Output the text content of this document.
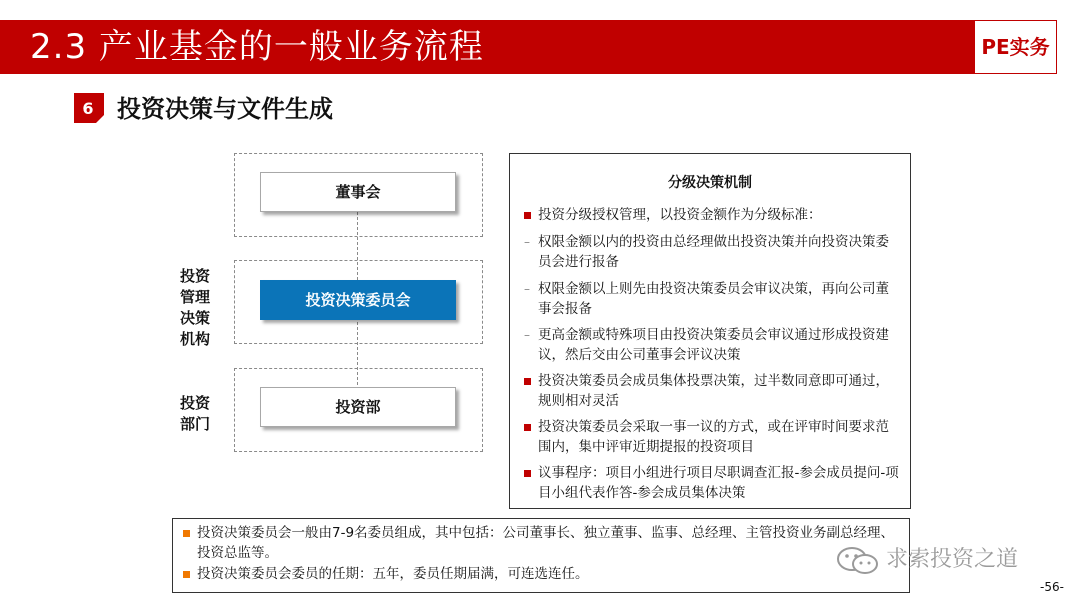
2.3 产业基金的一般业务流程	PE实务
6 投资决策与文件生成
董事会
投资决策委员会
投资部
投资
管理
决策
机构
投资
部门
分级决策机制
投资分级授权管理，以投资金额作为分级标准：
– 权限金额以内的投资由总经理做出投资决策并向投资决策委员会进行报备
– 权限金额以上则先由投资决策委员会审议决策，再向公司董事会报备
– 更高金额或特殊项目由投资决策委员会审议通过形成投资建议，然后交由公司董事会评议决策
投资决策委员会成员集体投票决策，过半数同意即可通过，规则相对灵活
投资决策委员会采取一事一议的方式，或在评审时间要求范围内，集中评审近期提报的投资项目
议事程序：项目小组进行项目尽职调查汇报-参会成员提问-项目小组代表作答-参会成员集体决策
投资决策委员会一般由7-9名委员组成，其中包括：公司董事长、独立董事、监事、总经理、主管投资业务副总经理、投资总监等。
投资决策委员会委员的任期：五年，委员任期届满，可连选连任。
求索投资之道
-56-
